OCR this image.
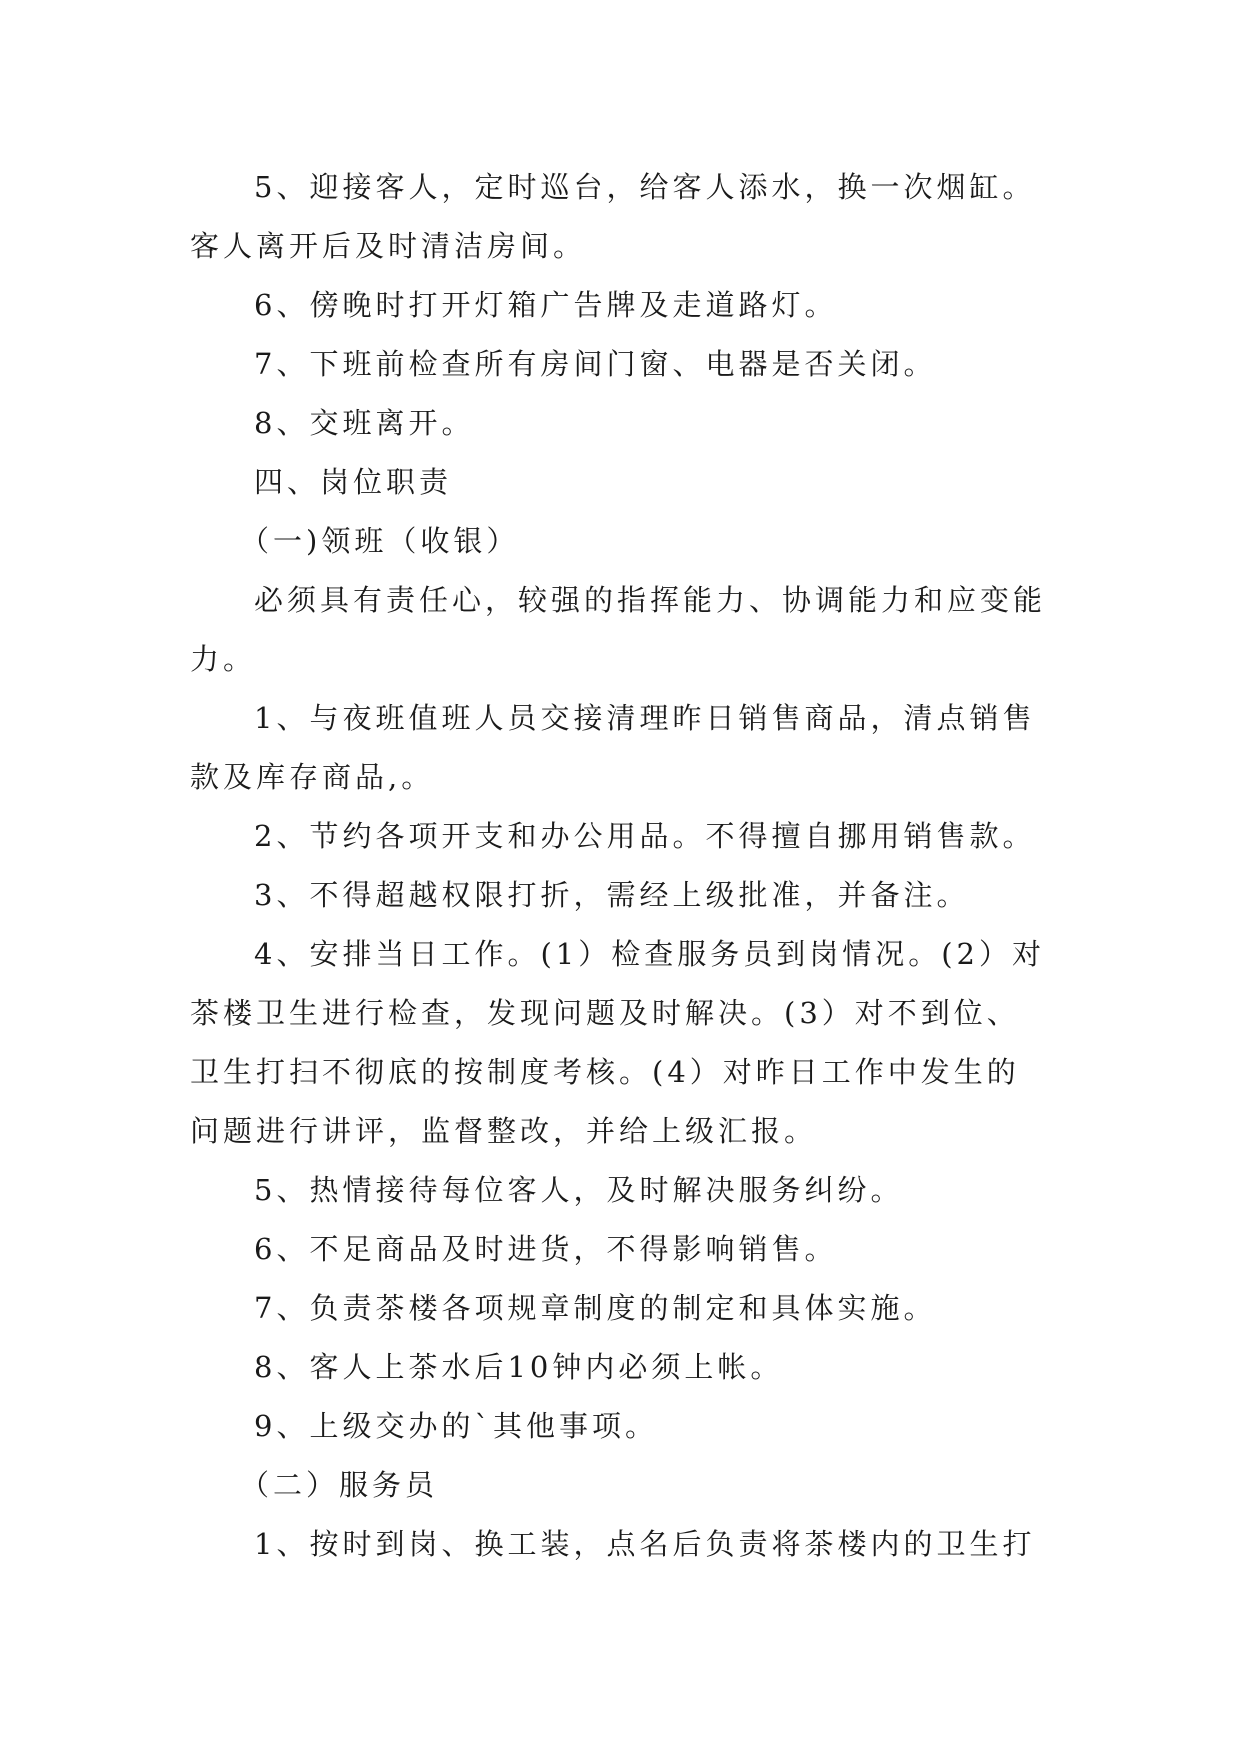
5、迎接客人，定时巡台，给客人添水，换一次烟缸。客人离开后及时清洁房间。

6、傍晚时打开灯箱广告牌及走道路灯。

7、下班前检查所有房间门窗、电器是否关闭。

8、交班离开。

四、岗位职责

（一)领班（收银）

必须具有责任心，较强的指挥能力、协调能力和应变能力。

1、与夜班值班人员交接清理昨日销售商品，清点销售款及库存商品,。

2、节约各项开支和办公用品。不得擅自挪用销售款。

3、不得超越权限打折，需经上级批准，并备注。

4、安排当日工作。(1）检查服务员到岗情况。(2）对茶楼卫生进行检查，发现问题及时解决。(3）对不到位、卫生打扫不彻底的按制度考核。(4）对昨日工作中发生的问题进行讲评，监督整改，并给上级汇报。

5、热情接待每位客人，及时解决服务纠纷。

6、不足商品及时进货，不得影响销售。

7、负责茶楼各项规章制度的制定和具体实施。

8、客人上茶水后10钟内必须上帐。

9、上级交办的`其他事项。

（二）服务员

1、按时到岗、换工装，点名后负责将茶楼内的卫生打
